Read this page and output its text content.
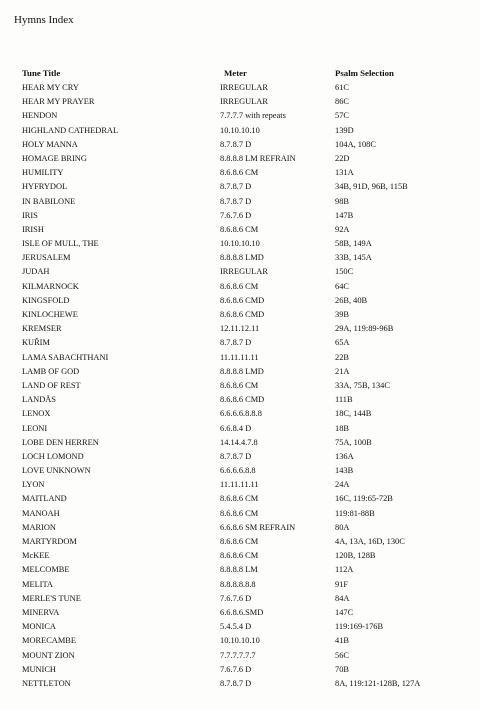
Hymns Index
Tune Title	Meter	Psalm Selection
HEAR MY CRY	IRREGULAR	61C
HEAR MY PRAYER	IRREGULAR	86C
HENDON	7.7.7.7 with repeats	57C
HIGHLAND CATHEDRAL	10.10.10.10	139D
HOLY MANNA	8.7.8.7 D	104A, 108C
HOMAGE BRING	8.8.8.8 LM REFRAIN	22D
HUMILITY	8.6.8.6 CM	131A
HYFRYDOL	8.7.8.7 D	34B, 91D, 96B, 115B
IN BABILONE	8.7.8.7 D	98B
IRIS	7.6.7.6 D	147B
IRISH	8.6.8.6 CM	92A
ISLE OF MULL, THE	10.10.10.10	58B, 149A
JERUSALEM	8.8.8.8 LMD	33B, 145A
JUDAH	IRREGULAR	150C
KILMARNOCK	8.6.8.6 CM	64C
KINGSFOLD	8.6.8.6 CMD	26B, 40B
KINLOCHEWE	8.6.8.6 CMD	39B
KREMSER	12.11.12.11	29A, 119:89-96B
KUŘIM	8.7.8.7 D	65A
LAMA SABACHTHANI	11.11.11.11	22B
LAMB OF GOD	8.8.8.8 LMD	21A
LAND OF REST	8.6.8.6 CM	33A, 75B, 134C
LANDÅS	8.6.8.6 CMD	111B
LENOX	6.6.6.6.8.8.8	18C, 144B
LEONI	6.6.8.4 D	18B
LOBE DEN HERREN	14.14.4.7.8	75A, 100B
LOCH LOMOND	8.7.8.7 D	136A
LOVE UNKNOWN	6.6.6.6.8.8	143B
LYON	11.11.11.11	24A
MAITLAND	8.6.8.6 CM	16C, 119:65-72B
MANOAH	8.6.8.6 CM	119:81-88B
MARION	6.6.8.6 SM REFRAIN	80A
MARTYRDOM	8.6.8.6 CM	4A, 13A, 16D, 130C
McKEE	8.6.8.6 CM	120B, 128B
MELCOMBE	8.8.8.8 LM	112A
MELITA	8.8.8.8.8.8	91F
MERLE'S TUNE	7.6.7.6 D	84A
MINERVA	6.6.8.6.SMD	147C
MONICA	5.4.5.4 D	119:169-176B
MORECAMBE	10.10.10.10	41B
MOUNT ZION	7.7.7.7.7.7	56C
MUNICH	7.6.7.6 D	70B
NETTLETON	8.7.8.7 D	8A, 119:121-128B, 127A
